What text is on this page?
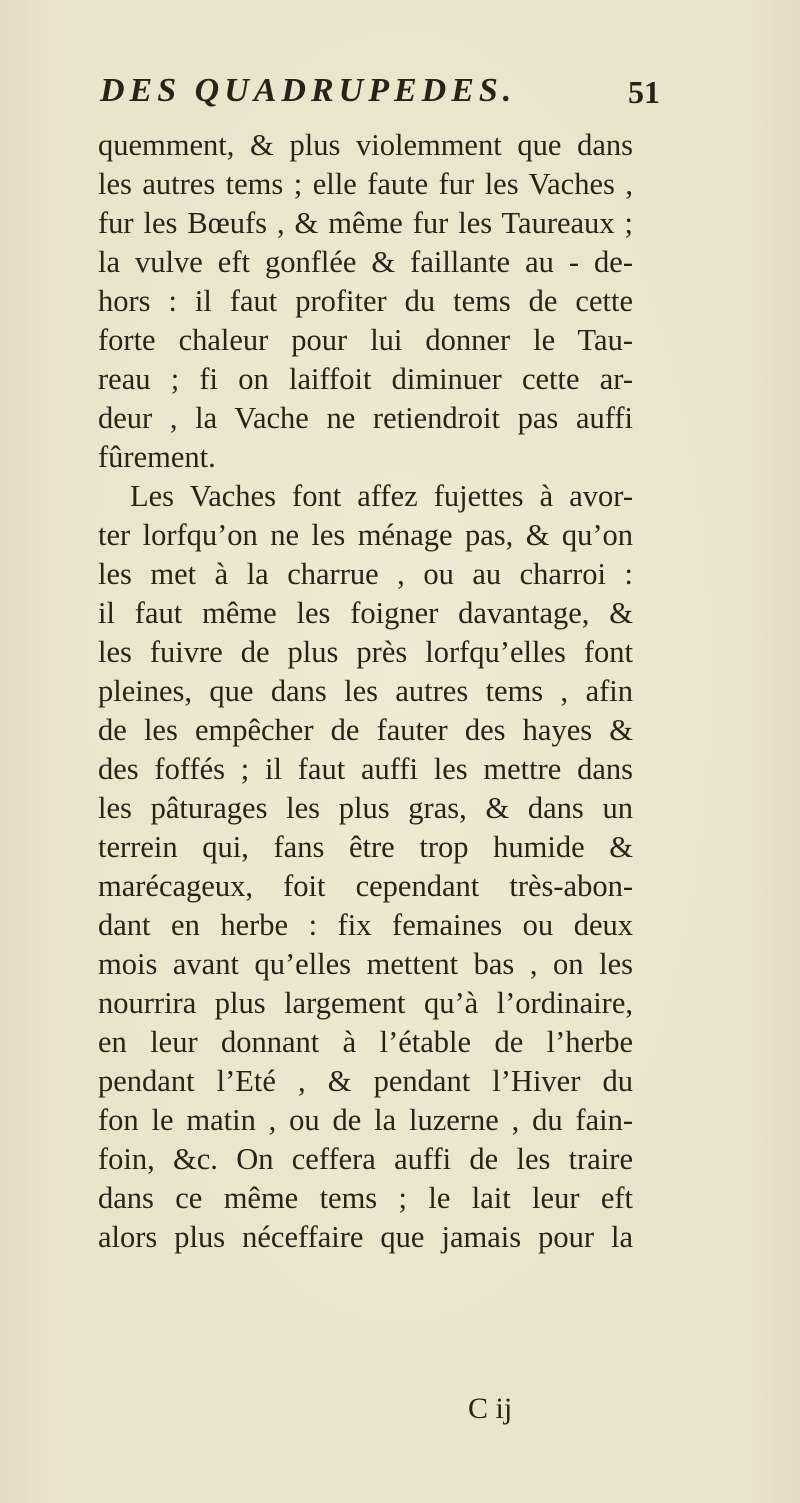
DES QUADRUPEDES.	51
quemment, & plus violemment que dans
les autres tems ; elle faute fur les Vaches ,
fur les Bœufs , & même fur les Taureaux ;
la vulve eft gonflée & faillante au - de-
hors : il faut profiter du tems de cette
forte chaleur pour lui donner le Tau-
reau ; fi on laiffoit diminuer cette ar-
deur , la Vache ne retiendroit pas auffi
fûrement.
Les Vaches font affez fujettes à avor-
ter lorfqu’on ne les ménage pas, & qu’on
les met à la charrue , ou au charroi :
il faut même les foigner davantage, &
les fuivre de plus près lorfqu’elles font
pleines, que dans les autres tems , afin
de les empêcher de fauter des hayes &
des foffés ; il faut auffi les mettre dans
les pâturages les plus gras, & dans un
terrein qui, fans être trop humide &
marécageux, foit cependant très-abon-
dant en herbe : fix femaines ou deux
mois avant qu’elles mettent bas , on les
nourrira plus largement qu’à l’ordinaire,
en leur donnant à l’étable de l’herbe
pendant l’Eté , & pendant l’Hiver du
fon le matin , ou de la luzerne , du fain-
foin, &c. On ceffera auffi de les traire
dans ce même tems ; le lait leur eft
alors plus néceffaire que jamais pour la
C ij
